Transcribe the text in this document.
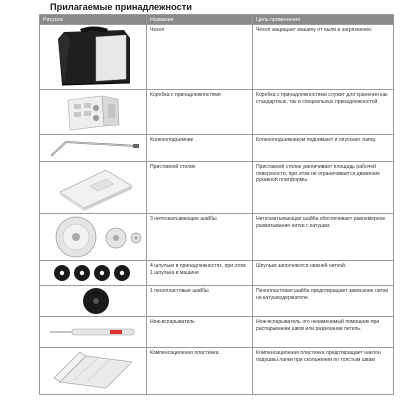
Прилагаемые принадлежности
Рисунок	Название	Цель применения

	Чехол	Чехол защищает машину от пыли и загрязнения.

	Коробка с принадлежностями	Коробка с принадлежностями служит для хранения как стандартных, так и специальных принадлежностей.

	Коленоподъемник	Коленоподъемником поднимают и опускают лапку.

	Приставной столик	Приставной столик увеличивает площадь рабочей поверхности, при этом не ограничивается движение рукавной платформы.

	3 нитесматывающие шайбы	Нитесматывающая шайба обеспечивает равномерное разматывание нитки с катушки.

	4 шпульки в принадлежностях, при этом 1 шпулька в машине	Шпульки заполняются нижней ниткой.

	1 пенопластовые шайбы	Пенопластовая шайба предотвращает зависание нитки на катушкодержателе.

	Нож-вспарыватель	Нож-вспарыватель это незаменимый помощник при распарывании швов или разрезании петель.

	Компенсационная пластинка	Компенсационная пластинка предотвращает наклон подошвы лапки при скольжении по толстым швам
